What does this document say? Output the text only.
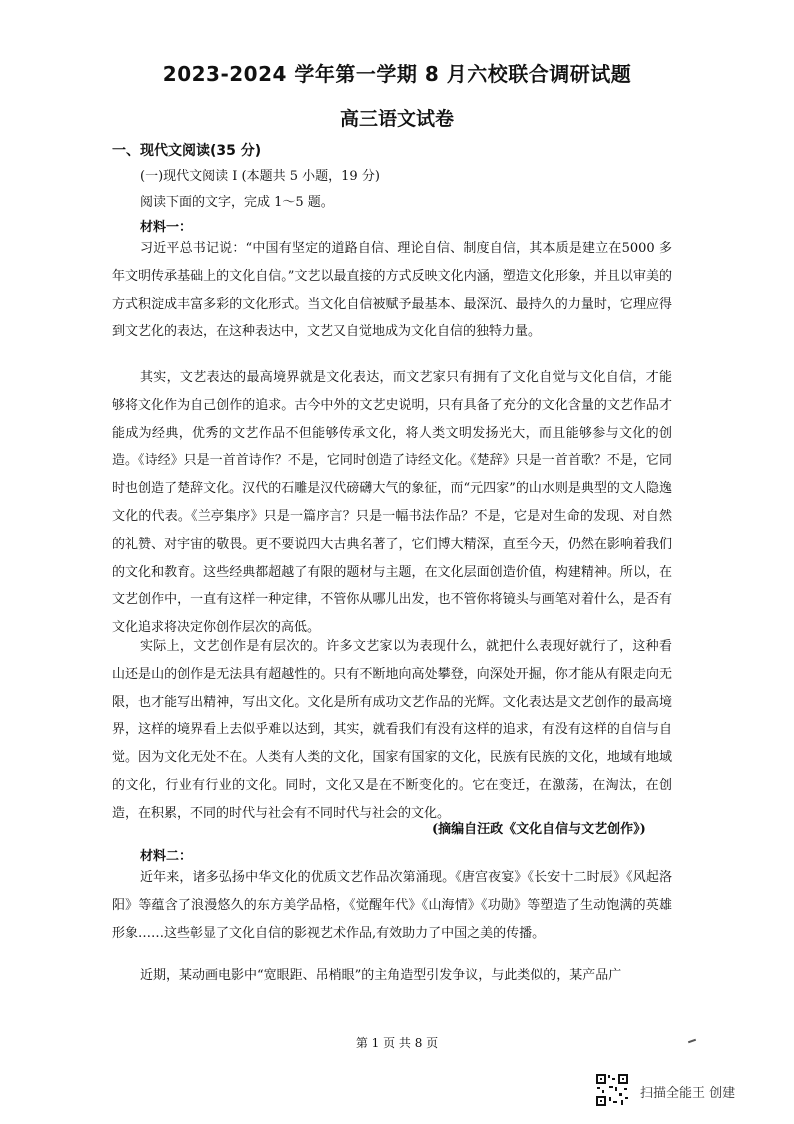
2023-2024 学年第一学期 8 月六校联合调研试题
高三语文试卷
一、现代文阅读(35 分)
(一)现代文阅读 I (本题共 5 小题，19 分)
阅读下面的文字，完成 1～5 题。
材料一：
习近平总书记说：“中国有坚定的道路自信、理论自信、制度自信，其本质是建立在5000 多年文明传承基础上的文化自信。”文艺以最直接的方式反映文化内涵，塑造文化形象，并且以审美的方式积淀成丰富多彩的文化形式。当文化自信被赋予最基本、最深沉、最持久的力量时，它理应得到文艺化的表达，在这种表达中，文艺又自觉地成为文化自信的独特力量。
其实，文艺表达的最高境界就是文化表达，而文艺家只有拥有了文化自觉与文化自信，才能够将文化作为自己创作的追求。古今中外的文艺史说明，只有具备了充分的文化含量的文艺作品才能成为经典，优秀的文艺作品不但能够传承文化，将人类文明发扬光大，而且能够参与文化的创造。《诗经》只是一首首诗作？不是，它同时创造了诗经文化。《楚辞》只是一首首歌？不是，它同时也创造了楚辞文化。汉代的石雕是汉代磅礴大气的象征，而“元四家”的山水则是典型的文人隐逸文化的代表。《兰亭集序》只是一篇序言？只是一幅书法作品？不是，它是对生命的发现、对自然的礼赞、对宇宙的敬畏。更不要说四大古典名著了，它们博大精深，直至今天，仍然在影响着我们的文化和教育。这些经典都超越了有限的题材与主题，在文化层面创造价值，构建精神。所以，在文艺创作中，一直有这样一种定律，不管你从哪儿出发，也不管你将镜头与画笔对着什么，是否有文化追求将决定你创作层次的高低。
实际上，文艺创作是有层次的。许多文艺家以为表现什么，就把什么表现好就行了，这种看山还是山的创作是无法具有超越性的。只有不断地向高处攀登，向深处开掘，你才能从有限走向无限，也才能写出精神，写出文化。文化是所有成功文艺作品的光辉。文化表达是文艺创作的最高境界，这样的境界看上去似乎难以达到，其实，就看我们有没有这样的追求，有没有这样的自信与自觉。因为文化无处不在。人类有人类的文化，国家有国家的文化，民族有民族的文化，地域有地域的文化，行业有行业的文化。同时，文化又是在不断变化的。它在变迁，在激荡，在淘汰，在创造，在积累，不同的时代与社会有不同时代与社会的文化。
(摘编自汪政《文化自信与文艺创作》)
材料二：
近年来，诸多弘扬中华文化的优质文艺作品次第涌现。《唐宫夜宴》《长安十二时辰》《风起洛阳》等蕴含了浪漫悠久的东方美学品格，《觉醒年代》《山海情》《功勋》等塑造了生动饱满的英雄形象……这些彰显了文化自信的影视艺术作品,有效助力了中国之美的传播。
近期，某动画电影中“宽眼距、吊梢眼”的主角造型引发争议，与此类似的，某产品广
第 1 页 共 8 页
扫描全能王 创建
